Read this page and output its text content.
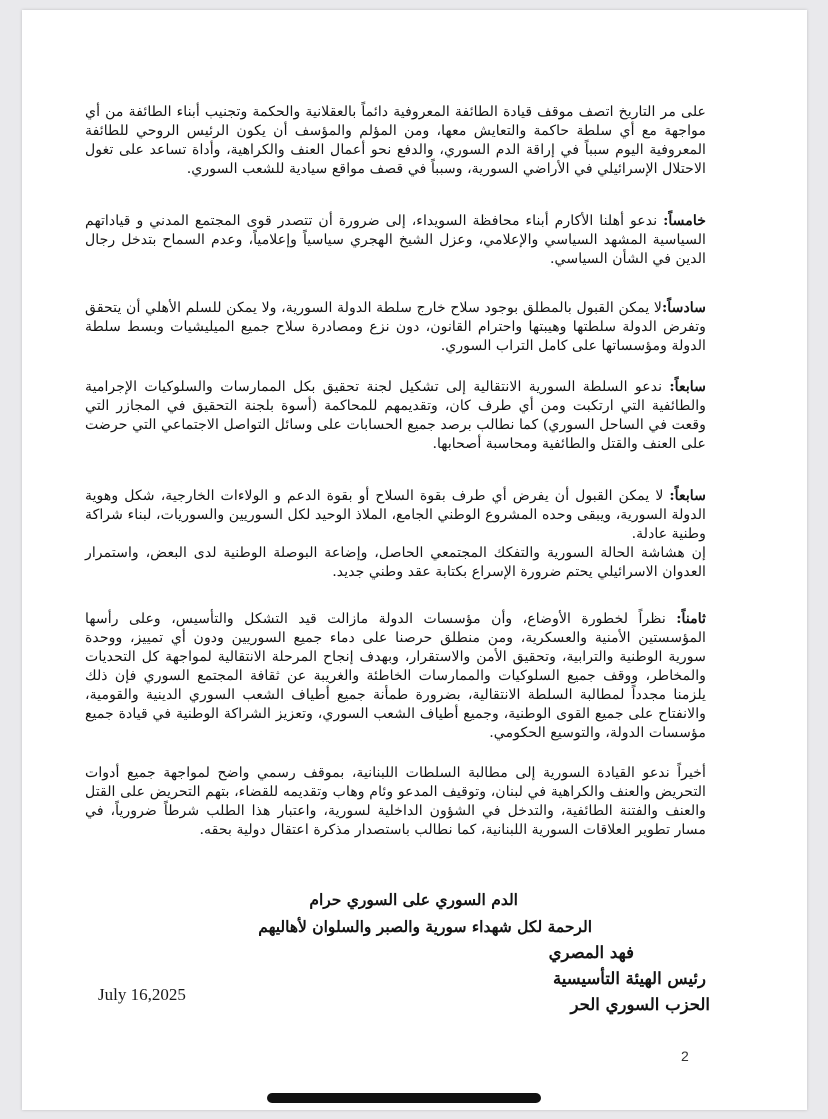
على مر التاريخ اتصف موقف قيادة الطائفة المعروفية دائماً بالعقلانية والحكمة وتجنيب أبناء الطائفة من أي مواجهة مع أي سلطة حاكمة والتعايش معها، ومن المؤلم والمؤسف أن يكون الرئيس الروحي للطائفة المعروفية اليوم سبباً في إراقة الدم السوري، والدفع نحو أعمال العنف والكراهية، وأداة تساعد على تغول الاحتلال الإسرائيلي في الأراضي السورية، وسبباً في قصف مواقع سيادية للشعب السوري.

خامساً: ندعو أهلنا الأكارم أبناء محافظة السويداء، إلى ضرورة أن تتصدر قوى المجتمع المدني و قياداتهم السياسية المشهد السياسي والإعلامي، وعزل الشيخ الهجري سياسياً وإعلامياً، وعدم السماح بتدخل رجال الدين في الشأن السياسي.

سادساً:لا يمكن القبول بالمطلق بوجود سلاح خارج سلطة الدولة السورية، ولا يمكن للسلم الأهلي أن يتحقق وتفرض الدولة سلطتها وهيبتها واحترام القانون، دون نزع ومصادرة سلاح جميع الميليشيات وبسط سلطة الدولة ومؤسساتها على كامل التراب السوري.

سابعاً: ندعو السلطة السورية الانتقالية إلى تشكيل لجنة تحقيق بكل الممارسات والسلوكيات الإجرامية والطائفية التي ارتكبت ومن أي طرف كان، وتقديمهم للمحاكمة (أسوة بلجنة التحقيق في المجازر التي وقعت في الساحل السوري) كما نطالب برصد جميع الحسابات على وسائل التواصل الاجتماعي التي حرضت على العنف والقتل والطائفية ومحاسبة أصحابها.

سابعاً: لا يمكن القبول أن يفرض أي طرف بقوة السلاح أو بقوة الدعم و الولاءات الخارجية، شكل وهوية الدولة السورية، ويبقى وحده المشروع الوطني الجامع، الملاذ الوحيد لكل السوريين والسوريات، لبناء شراكة وطنية عادلة.
إن هشاشة الحالة السورية والتفكك المجتمعي الحاصل، وإضاعة البوصلة الوطنية لدى البعض، واستمرار العدوان الاسرائيلي يحتم ضرورة الإسراع بكتابة عقد وطني جديد.

ثامناً: نظراً لخطورة الأوضاع، وأن مؤسسات الدولة مازالت قيد التشكل والتأسيس، وعلى رأسها المؤسستين الأمنية والعسكرية، ومن منطلق حرصنا على دماء جميع السوريين ودون أي تمييز، ووحدة سورية الوطنية والترابية، وتحقيق الأمن والاستقرار، وبهدف إنجاح المرحلة الانتقالية لمواجهة كل التحديات والمخاطر، ووقف جميع السلوكيات والممارسات الخاطئة والغريبة عن ثقافة المجتمع السوري فإن ذلك يلزمنا مجدداً لمطالبة السلطة الانتقالية، بضرورة طمأنة جميع أطياف الشعب السوري الدينية والقومية، والانفتاح على جميع القوى الوطنية، وجميع أطياف الشعب السوري، وتعزيز الشراكة الوطنية في قيادة جميع مؤسسات الدولة، والتوسيع الحكومي.

أخيراً ندعو القيادة السورية إلى مطالبة السلطات اللبنانية، بموقف رسمي واضح لمواجهة جميع أدوات التحريض والعنف والكراهية في لبنان، وتوقيف المدعو وئام وهاب وتقديمه للقضاء، بتهم التحريض على القتل والعنف والفتنة الطائفية، والتدخل في الشؤون الداخلية لسورية، واعتبار هذا الطلب شرطاً ضرورياً، في مسار تطوير العلاقات السورية اللبنانية، كما نطالب باستصدار مذكرة اعتقال دولية بحقه.

الدم السوري على السوري حرام
الرحمة لكل شهداء سورية والصبر والسلوان لأهاليهم
فهد المصري
رئيس الهيئة التأسيسية
الحزب السوري الحر
July 16,2025
2
